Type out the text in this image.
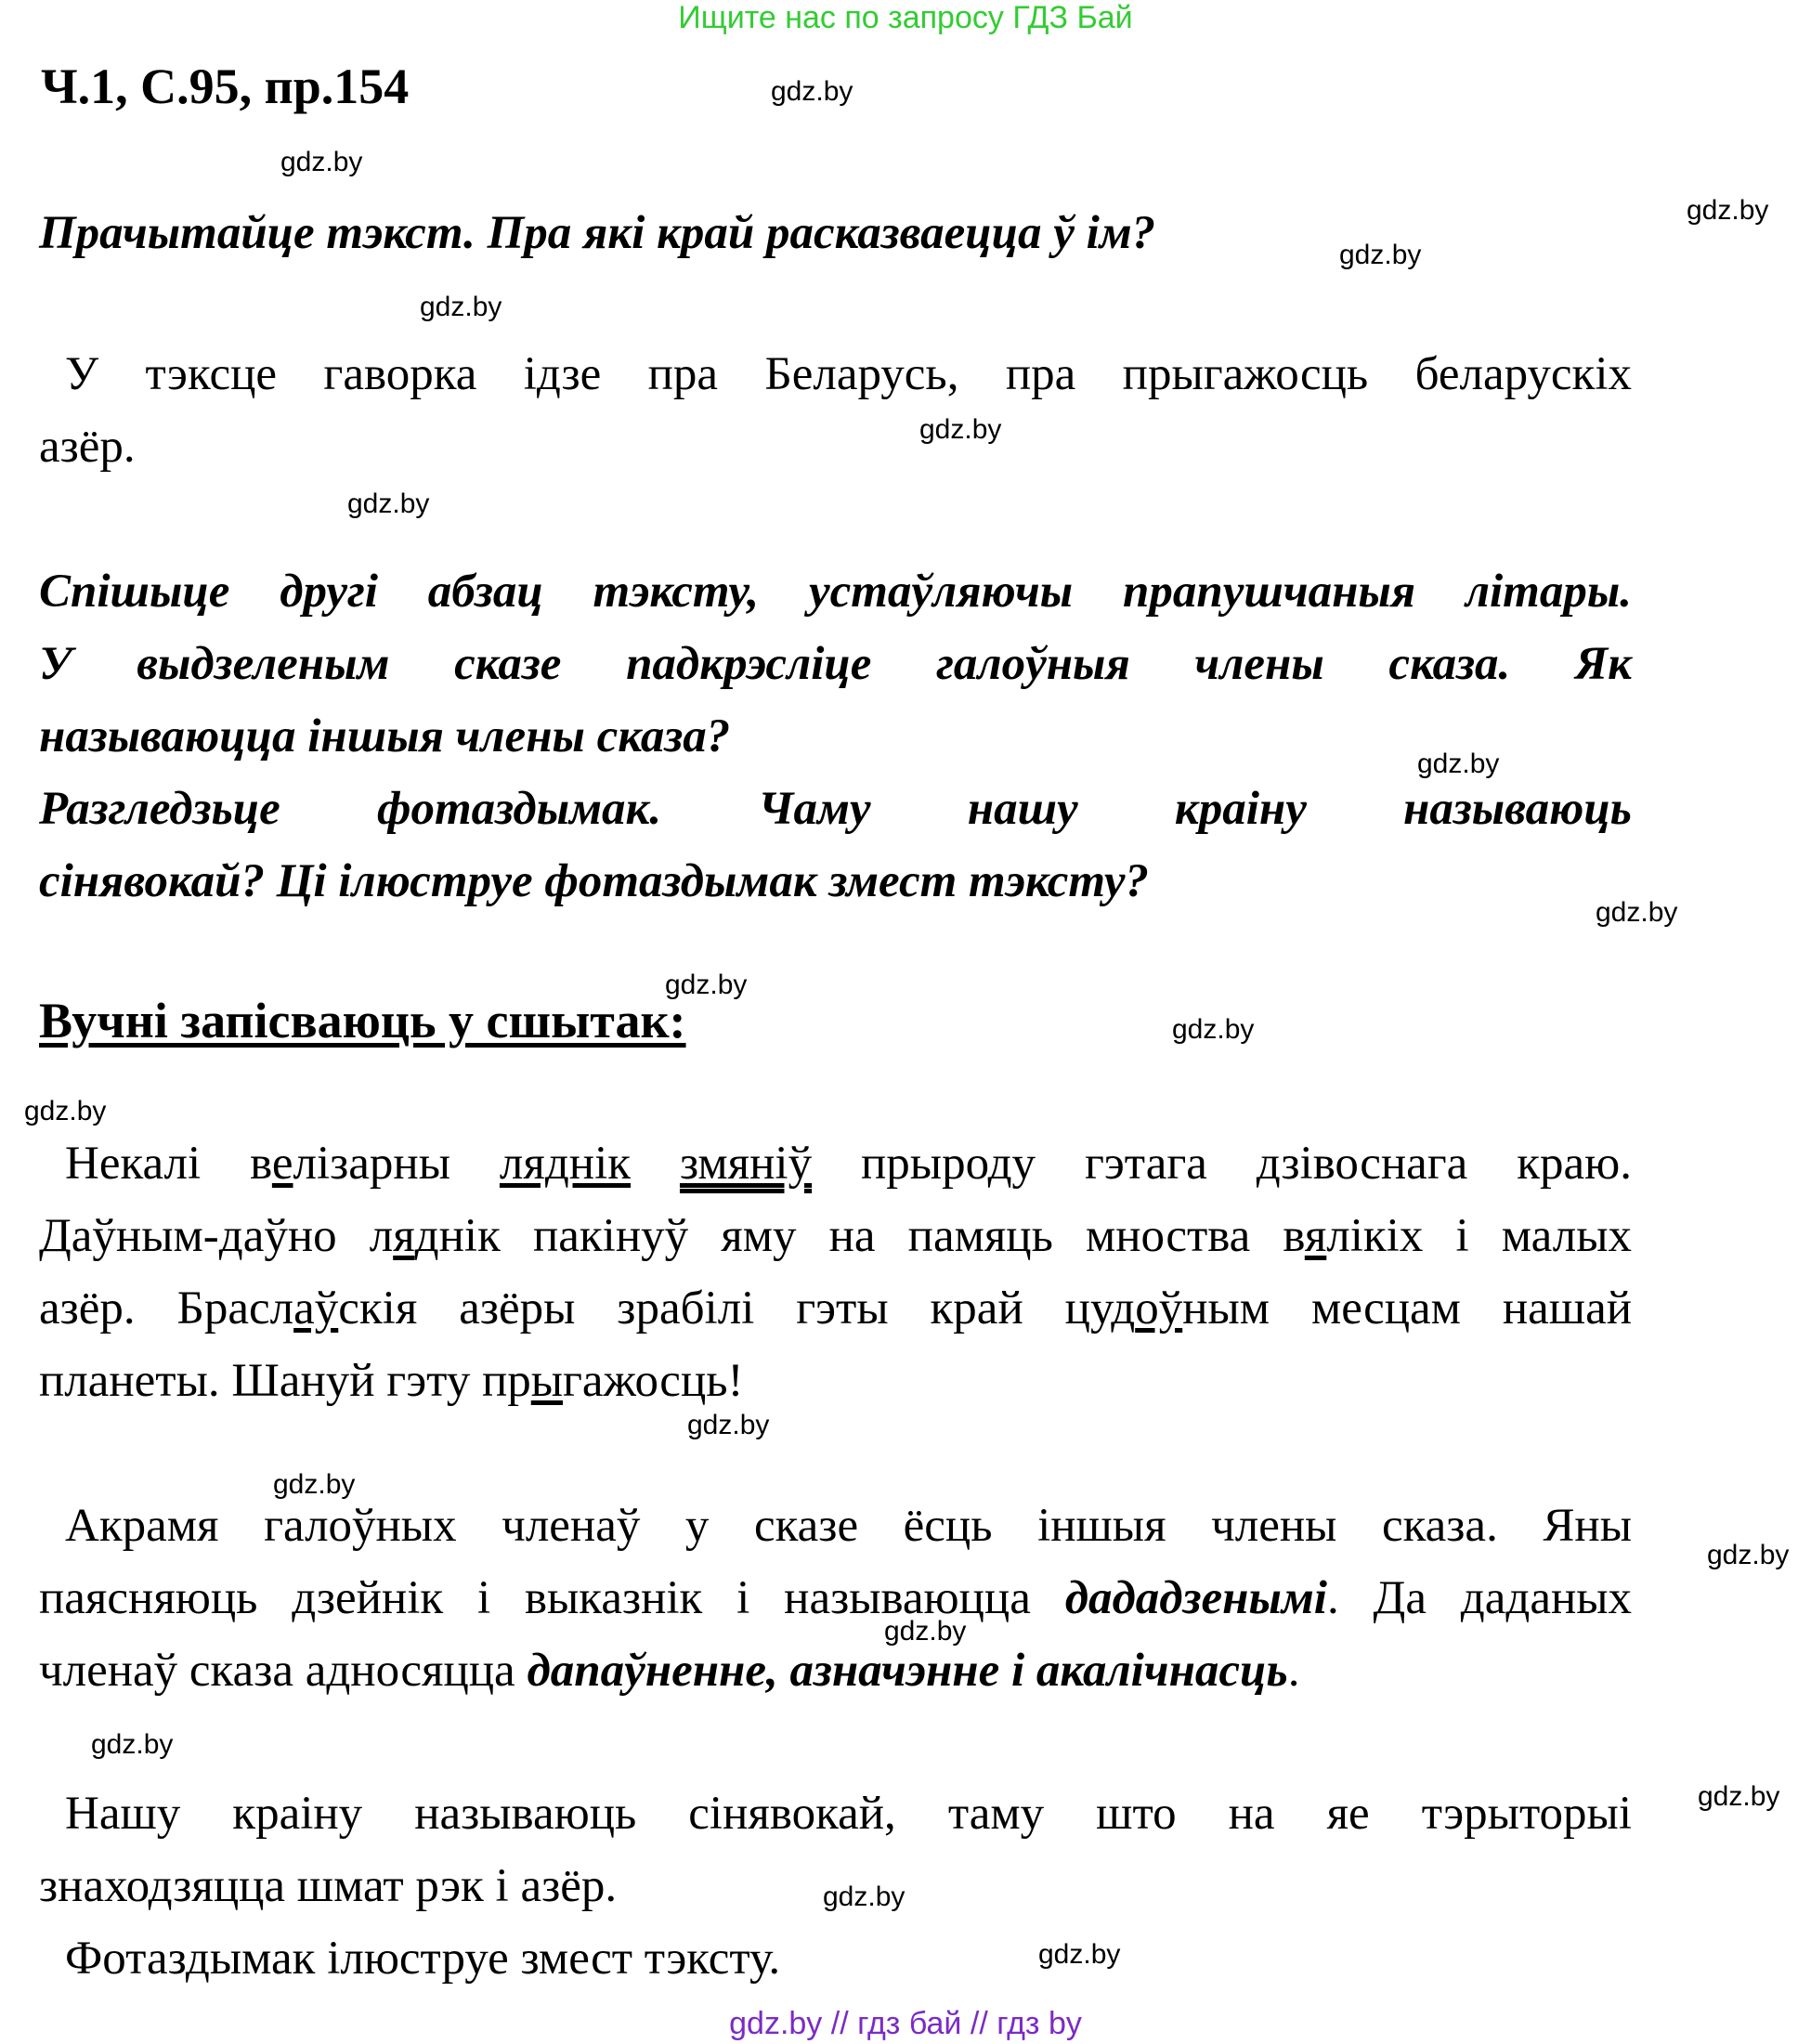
Ищите нас по запросу ГДЗ Бай
Ч.1, С.95, пр.154	gdz.by
gdz.by
gdz.by
gdz.by
gdz.by
gdz.by
gdz.by
gdz.by
gdz.by
gdz.by
gdz.by
gdz.by
gdz.by
gdz.by
gdz.by
gdz.by
gdz.by
gdz.by
gdz.by
gdz.by

Прачытайце тэкст. Пра які край расказваецца ў ім?

У тэксце гаворка ідзе пра Беларусь, пра прыгажосць беларускіх
азёр.

Спішыце другі абзац тэксту, устаўляючы прапушчаныя літары.

У выдзеленым сказе падкрэсліце галоўныя члены сказа. Як

называюцца іншыя члены сказа?

Разгледзьце фотаздымак. Чаму нашу краіну называюць

сінявокай? Ці ілюструе фотаздымак змест тэксту?

Вучні запісваюць у сшытак:

Некалі велізарны ляднік змяніў прыроду гэтага дзівоснага краю.
Даўным-даўно ляднік пакінуў яму на памяць мноства вялікіх і малых
азёр. Браслаўскія азёры зрабілі гэты край цудоўным месцам нашай
планеты. Шануй гэту прыгажосць!

Акрамя галоўных членаў у сказе ёсць іншыя члены сказа. Яны
паясняюць дзейнік і выказнік і называюцца дададзенымі. Да даданых
членаў сказа адносяцца дапаўненне, азначэнне і акалічнасць.

Нашу краіну называюць сінявокай, таму што на яе тэрыторыі
знаходзяцца шмат рэк і азёр.

Фотаздымак ілюструе змест тэксту.

gdz.by // гдз бай // гдз by
